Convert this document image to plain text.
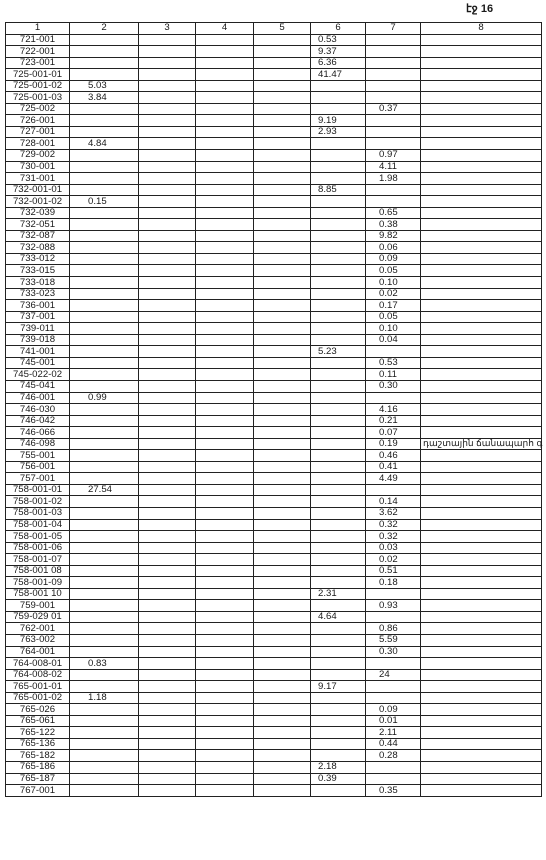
էջ 16
1	2	3	4	5	6	7	8
721-001					0.53		
722-001					9.37		
723-001					6.36		
725-001-01					41.47		
725-001-02	5.03						
725-001-03	3.84						
725-002						0.37	
726-001					9.19		
727-001					2.93		
728-001	4.84						
729-002						0.97	
730-001						4.11	
731-001						1.98	
732-001-01					8.85		
732-001-02	0.15						
732-039						0.65	
732-051						0.38	
732-087						9.82	
732-088						0.06	
733-012						0.09	
733-015						0.05	
733-018						0.10	
733-023						0.02	
736-001						0.17	
737-001						0.05	
739-011						0.10	
739-018						0.04	
741-001					5.23		
745-001						0.53	
745-022-02						0.11	
745-041						0.30	
746-001	0.99						
746-030						4.16	
746-042						0.21	
746-066						0.07	
746-098						0.19	դաշտային ճանապարհ գ
755-001						0.46	
756-001						0.41	
757-001						4.49	
758-001-01	27.54						
758-001-02						0.14	
758-001-03						3.62	
758-001-04						0.32	
758-001-05						0.32	
758-001-06						0.03	
758-001-07						0.02	
758-001 08						0.51	
758-001-09						0.18	
758-001 10					2.31		
759-001						0.93	
759-029 01					4.64		
762-001						0.86	
763-002						5.59	
764-001						0.30	
764-008-01	0.83						
764-008-02						24	
765-001-01					9.17		
765-001-02	1.18						
765-026						0.09	
765-061						0.01	
765-122						2.11	
765-136						0.44	
765-182						0.28	
765-186					2.18		
765-187					0.39		
767-001						0.35	
